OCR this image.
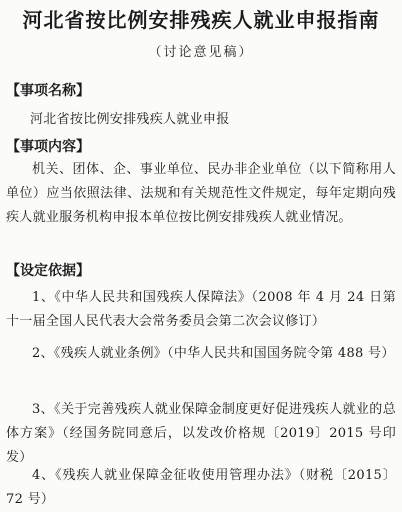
河北省按比例安排残疾人就业申报指南
（讨论意见稿）
【事项名称】
河北省按比例安排残疾人就业申报
【事项内容】
机关、团体、企、事业单位、民办非企业单位（以下简称用人单位）应当依照法律、法规和有关规范性文件规定，每年定期向残疾人就业服务机构申报本单位按比例安排残疾人就业情况。
【设定依据】
1、《中华人民共和国残疾人保障法》（2008 年 4 月 24 日第十一届全国人民代表大会常务委员会第二次会议修订）
2、《残疾人就业条例》（中华人民共和国国务院令第 488 号）
3、《关于完善残疾人就业保障金制度更好促进残疾人就业的总体方案》（经国务院同意后，以发改价格规〔2019〕2015 号印发）
4、《残疾人就业保障金征收使用管理办法》（财税〔2015〕72 号）
